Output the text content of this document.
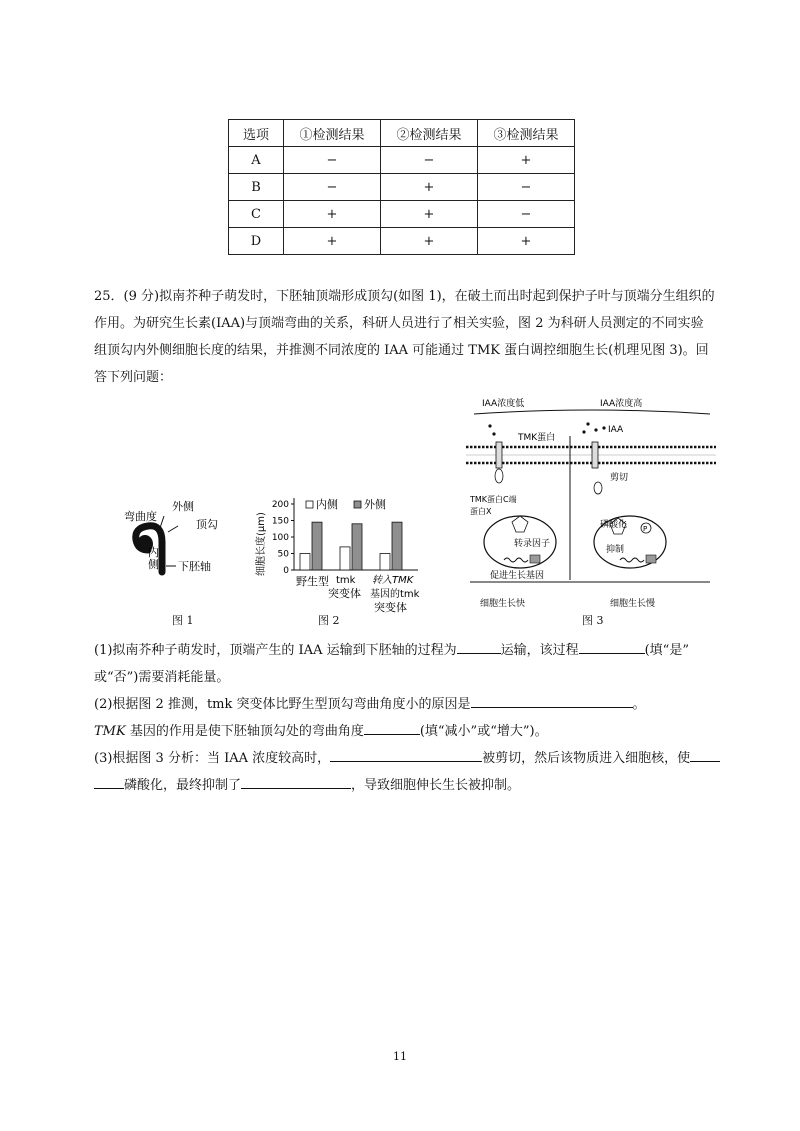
选项	①检测结果	②检测结果	③检测结果
A	−	−	+
B	−	+	−
C	+	+	−
D	+	+	+

25．(9 分)拟南芥种子萌发时，下胚轴顶端形成顶勾(如图 1)，在破土而出时起到保护子叶与顶端分生组织的

作用。为研究生长素(IAA)与顶端弯曲的关系，科研人员进行了相关实验，图 2 为科研人员测定的不同实验

组顶勾内外侧细胞长度的结果，并推测不同浓度的 IAA 可能通过 TMK 蛋白调控细胞生长(机理见图 3)。回

答下列问题：

弯曲度
外侧
顶勾
内
侧 下胚轴
图 1
细胞长度(μm) 0
50
100
150
200 内侧 外侧
野生型 tmk
突变体
转入TMK
基因的tmk
突变体
图 2
IAA浓度低	IAA浓度高
IAA
TMK蛋白
剪切
TMK蛋白C端
蛋白X
P
转录因子
磷酸化
抑制
促进生长基因
细胞生长快	细胞生长慢
图 3

(1)拟南芥种子萌发时，顶端产生的 IAA 运输到下胚轴的过程为	运输，该过程	(填“是”

或“否”)需要消耗能量。

(2)根据图 2 推测，tmk 突变体比野生型顶勾弯曲角度小的原因是	。

TMK 基因的作用是使下胚轴顶勾处的弯曲角度	(填“减小”或“增大”)。

(3)根据图 3 分析：当 IAA 浓度较高时，	被剪切，然后该物质进入细胞核，使

磷酸化，最终抑制了	，导致细胞伸长生长被抑制。

11
